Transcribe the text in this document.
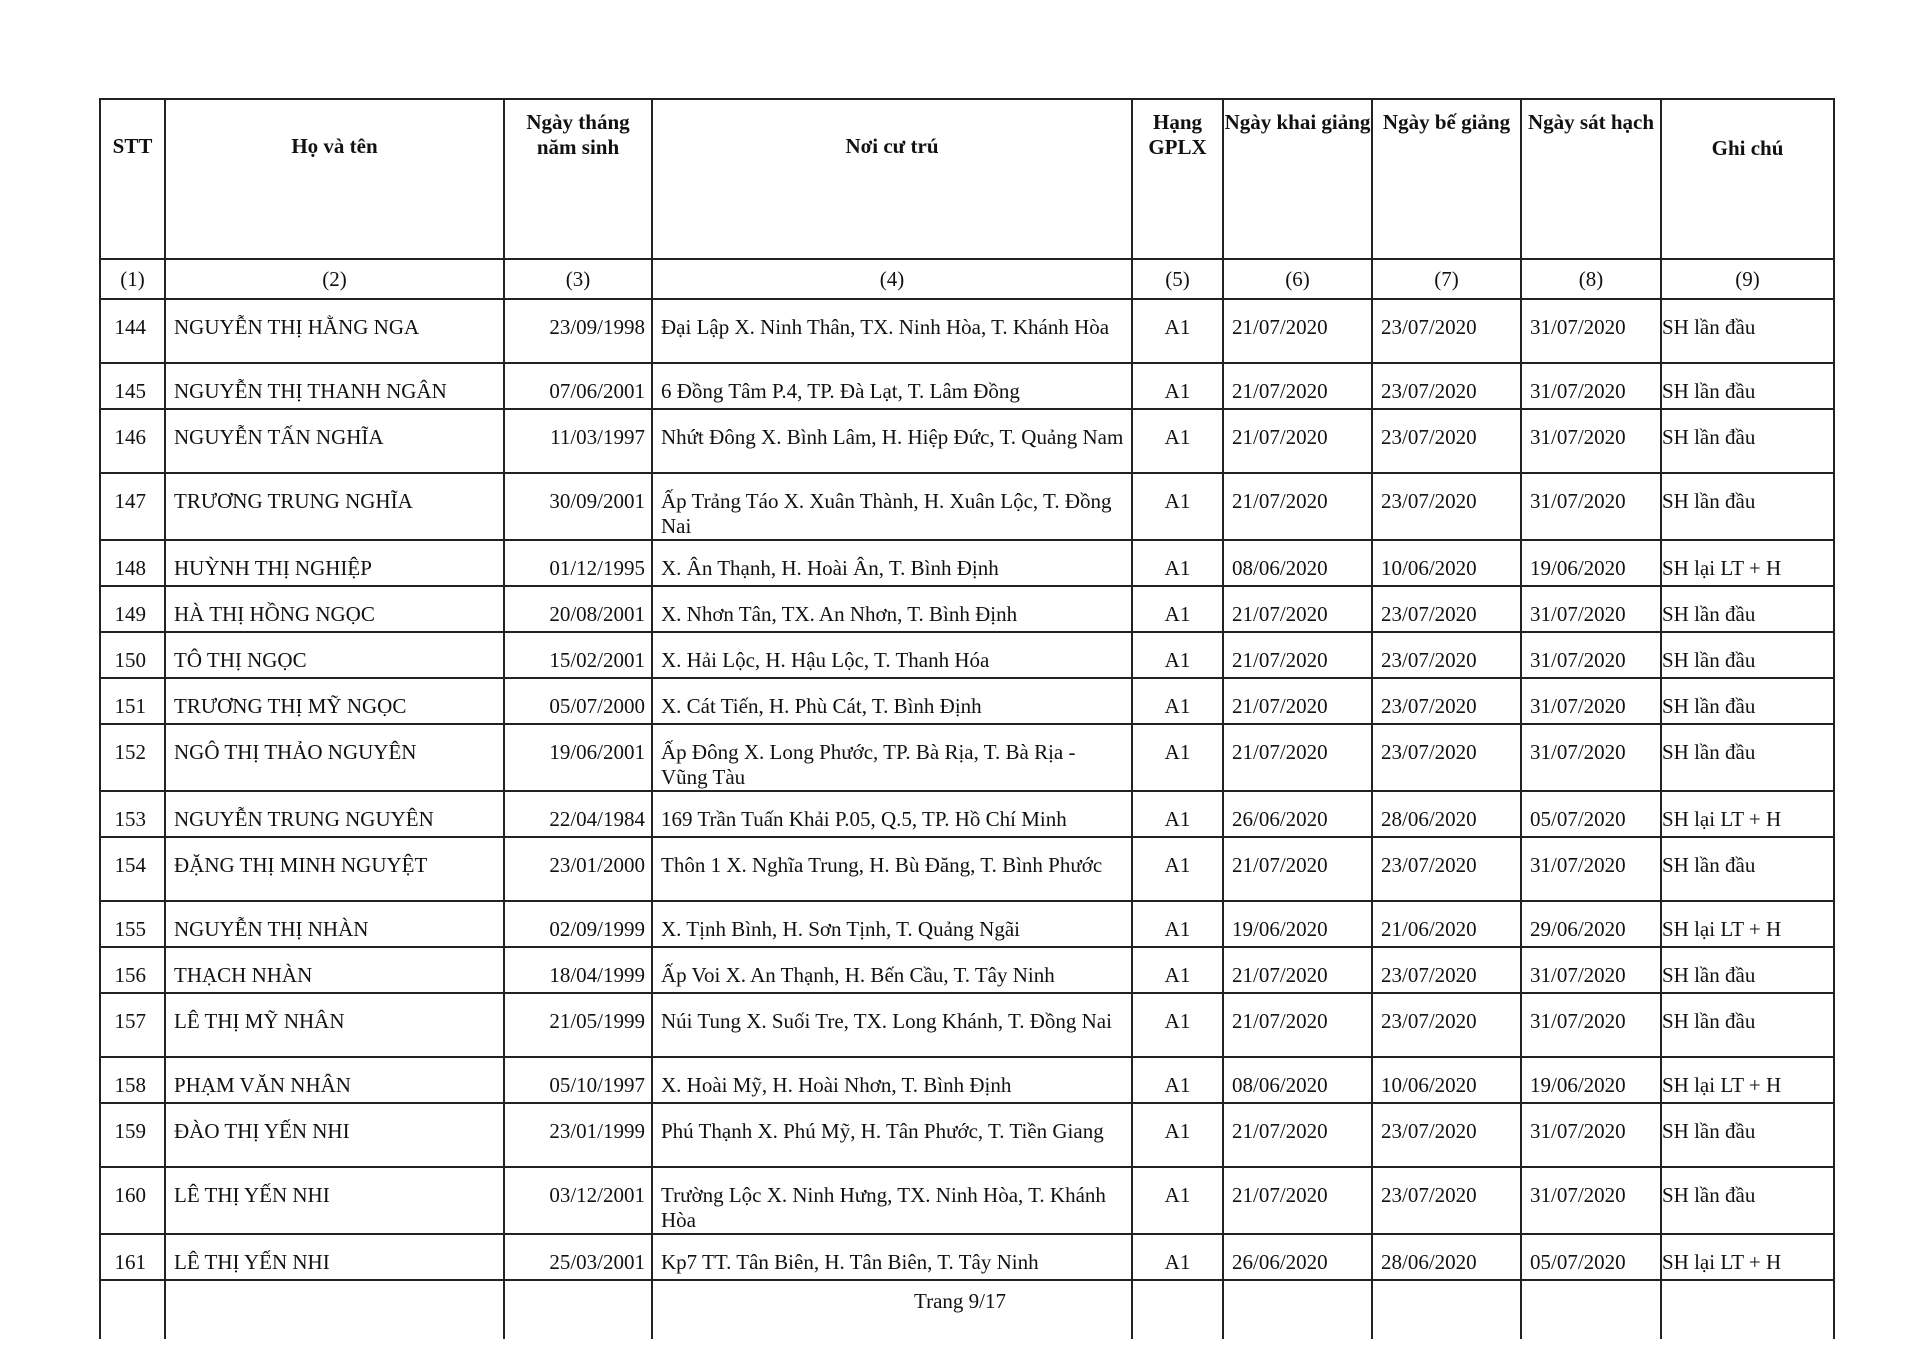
STT	Họ và tên	Ngày tháng năm sinh	Nơi cư trú	Hạng GPLX	Ngày khai giảng	Ngày bế giảng	Ngày sát hạch	Ghi chú
(1)	(2)	(3)	(4)	(5)	(6)	(7)	(8)	(9)
144	NGUYỄN THỊ HẰNG NGA	23/09/1998	Đại Lập X. Ninh Thân, TX. Ninh Hòa, T. Khánh Hòa	A1	21/07/2020	23/07/2020	31/07/2020	SH lần đầu
145	NGUYỄN THỊ THANH NGÂN	07/06/2001	6 Đồng Tâm P.4, TP. Đà Lạt, T. Lâm Đồng	A1	21/07/2020	23/07/2020	31/07/2020	SH lần đầu
146	NGUYỄN TẤN NGHĨA	11/03/1997	Nhứt Đông X. Bình Lâm, H. Hiệp Đức, T. Quảng Nam	A1	21/07/2020	23/07/2020	31/07/2020	SH lần đầu
147	TRƯƠNG TRUNG NGHĨA	30/09/2001	Ấp Trảng Táo X. Xuân Thành, H. Xuân Lộc, T. Đồng Nai	A1	21/07/2020	23/07/2020	31/07/2020	SH lần đầu
148	HUỲNH THỊ NGHIỆP	01/12/1995	X. Ân Thạnh, H. Hoài Ân, T. Bình Định	A1	08/06/2020	10/06/2020	19/06/2020	SH lại LT + H
149	HÀ THỊ HỒNG NGỌC	20/08/2001	X. Nhơn Tân, TX. An Nhơn, T. Bình Định	A1	21/07/2020	23/07/2020	31/07/2020	SH lần đầu
150	TÔ THỊ NGỌC	15/02/2001	X. Hải Lộc, H. Hậu Lộc, T. Thanh Hóa	A1	21/07/2020	23/07/2020	31/07/2020	SH lần đầu
151	TRƯƠNG THỊ MỸ NGỌC	05/07/2000	X. Cát Tiến, H. Phù Cát, T. Bình Định	A1	21/07/2020	23/07/2020	31/07/2020	SH lần đầu
152	NGÔ THỊ THẢO NGUYÊN	19/06/2001	Ấp Đông X. Long Phước, TP. Bà Rịa, T. Bà Rịa - Vũng Tàu	A1	21/07/2020	23/07/2020	31/07/2020	SH lần đầu
153	NGUYỄN TRUNG NGUYÊN	22/04/1984	169 Trần Tuấn Khải P.05, Q.5, TP. Hồ Chí Minh	A1	26/06/2020	28/06/2020	05/07/2020	SH lại LT + H
154	ĐẶNG THỊ MINH NGUYỆT	23/01/2000	Thôn 1 X. Nghĩa Trung, H. Bù Đăng, T. Bình Phước	A1	21/07/2020	23/07/2020	31/07/2020	SH lần đầu
155	NGUYỄN THỊ NHÀN	02/09/1999	X. Tịnh Bình, H. Sơn Tịnh, T. Quảng Ngãi	A1	19/06/2020	21/06/2020	29/06/2020	SH lại LT + H
156	THẠCH NHÀN	18/04/1999	Ấp Voi X. An Thạnh, H. Bến Cầu, T. Tây Ninh	A1	21/07/2020	23/07/2020	31/07/2020	SH lần đầu
157	LÊ THỊ MỸ NHÂN	21/05/1999	Núi Tung X. Suối Tre, TX. Long Khánh, T. Đồng Nai	A1	21/07/2020	23/07/2020	31/07/2020	SH lần đầu
158	PHẠM VĂN NHÂN	05/10/1997	X. Hoài Mỹ, H. Hoài Nhơn, T. Bình Định	A1	08/06/2020	10/06/2020	19/06/2020	SH lại LT + H
159	ĐÀO THỊ YẾN NHI	23/01/1999	Phú Thạnh X. Phú Mỹ, H. Tân Phước, T. Tiền Giang	A1	21/07/2020	23/07/2020	31/07/2020	SH lần đầu
160	LÊ THỊ YẾN NHI	03/12/2001	Trường Lộc X. Ninh Hưng, TX. Ninh Hòa, T. Khánh Hòa	A1	21/07/2020	23/07/2020	31/07/2020	SH lần đầu
161	LÊ THỊ YẾN NHI	25/03/2001	Kp7 TT. Tân Biên, H. Tân Biên, T. Tây Ninh	A1	26/06/2020	28/06/2020	05/07/2020	SH lại LT + H

Trang 9/17
